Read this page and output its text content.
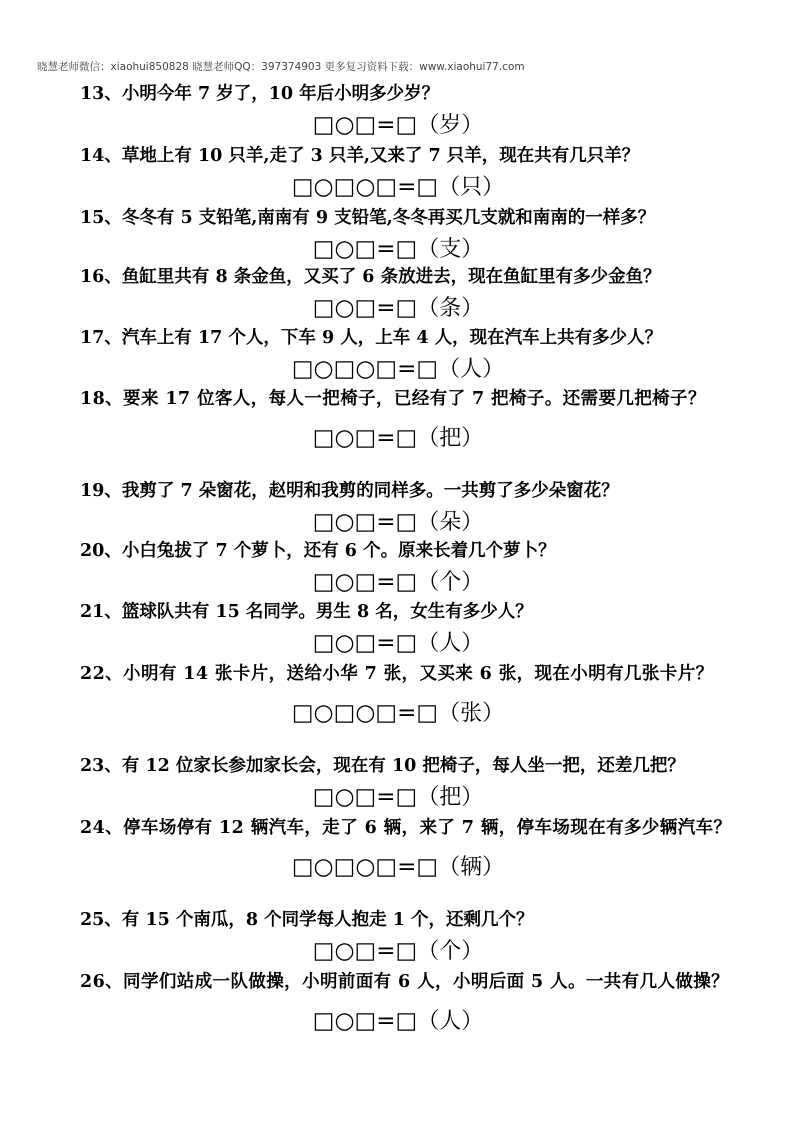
晓慧老师微信：xiaohui850828 晓慧老师QQ：397374903 更多复习资料下载：www.xiaohui77.com

13、小明今年 7 岁了，10 年后小明多少岁？

□○□=□（岁）

14、草地上有 10 只羊,走了 3 只羊,又来了 7 只羊，现在共有几只羊？

□○□○□=□（只）

15、冬冬有 5 支铅笔,南南有 9 支铅笔,冬冬再买几支就和南南的一样多？

□○□=□（支）

16、鱼缸里共有 8 条金鱼，又买了 6 条放进去，现在鱼缸里有多少金鱼？

□○□=□（条）

17、汽车上有 17 个人，下车 9 人，上车 4 人，现在汽车上共有多少人？

□○□○□=□（人）

18、要来 17 位客人，每人一把椅子，已经有了 7 把椅子。还需要几把椅子？

□○□=□（把）

19、我剪了 7 朵窗花，赵明和我剪的同样多。一共剪了多少朵窗花？

□○□=□（朵）

20、小白兔拔了 7 个萝卜，还有 6 个。原来长着几个萝卜？

□○□=□（个）

21、篮球队共有 15 名同学。男生 8 名，女生有多少人？

□○□=□（人）

22、小明有 14 张卡片，送给小华 7 张，又买来 6 张，现在小明有几张卡片？

□○□○□=□（张）

23、有 12 位家长参加家长会，现在有 10 把椅子，每人坐一把，还差几把？

□○□=□（把）

24、停车场停有 12 辆汽车，走了 6 辆，来了 7 辆，停车场现在有多少辆汽车？

□○□○□=□（辆）

25、有 15 个南瓜，8 个同学每人抱走 1 个，还剩几个？

□○□=□（个）

26、同学们站成一队做操，小明前面有 6 人，小明后面 5 人。一共有几人做操？

□○□=□（人）
